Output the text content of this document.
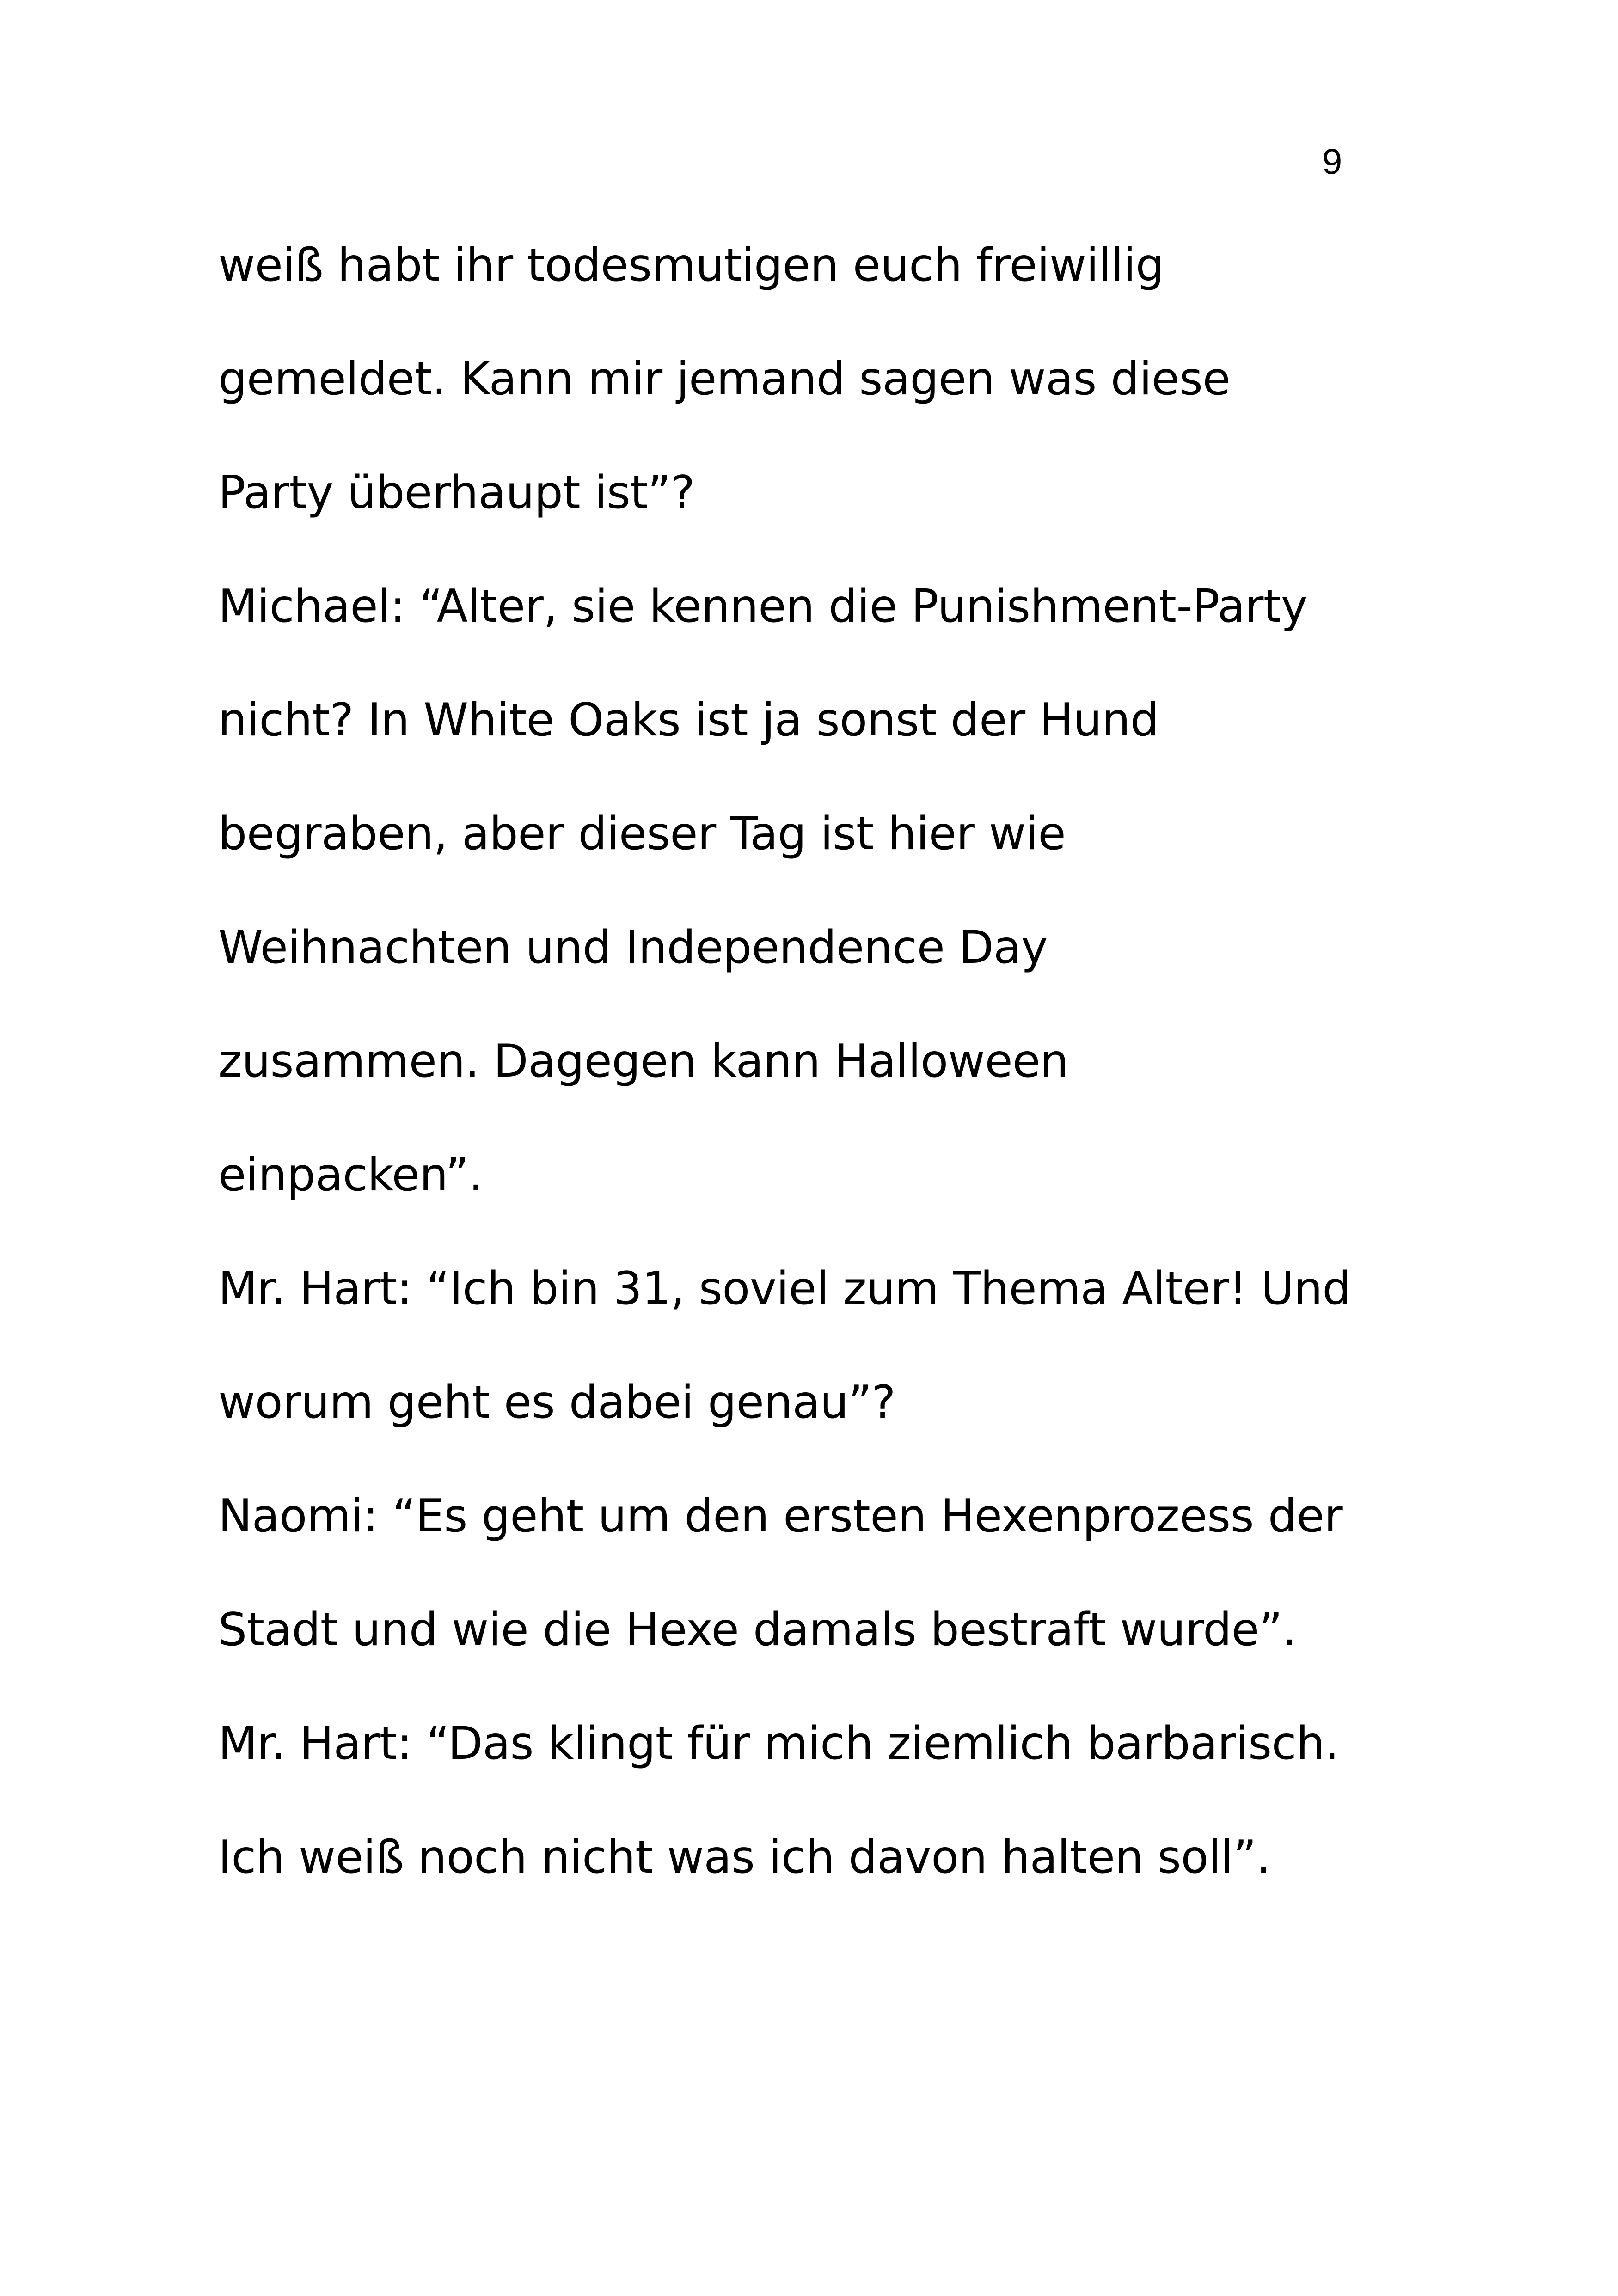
9
weiß habt ihr todesmutigen euch freiwillig
gemeldet. Kann mir jemand sagen was diese
Party überhaupt ist”?
Michael: “Alter, sie kennen die Punishment-Party
nicht? In White Oaks ist ja sonst der Hund
begraben, aber dieser Tag ist hier wie
Weihnachten und Independence Day
zusammen. Dagegen kann Halloween
einpacken”.
Mr. Hart: “Ich bin 31, soviel zum Thema Alter! Und
worum geht es dabei genau”?
Naomi: “Es geht um den ersten Hexenprozess der
Stadt und wie die Hexe damals bestraft wurde”.
Mr. Hart: “Das klingt für mich ziemlich barbarisch.
Ich weiß noch nicht was ich davon halten soll”.
